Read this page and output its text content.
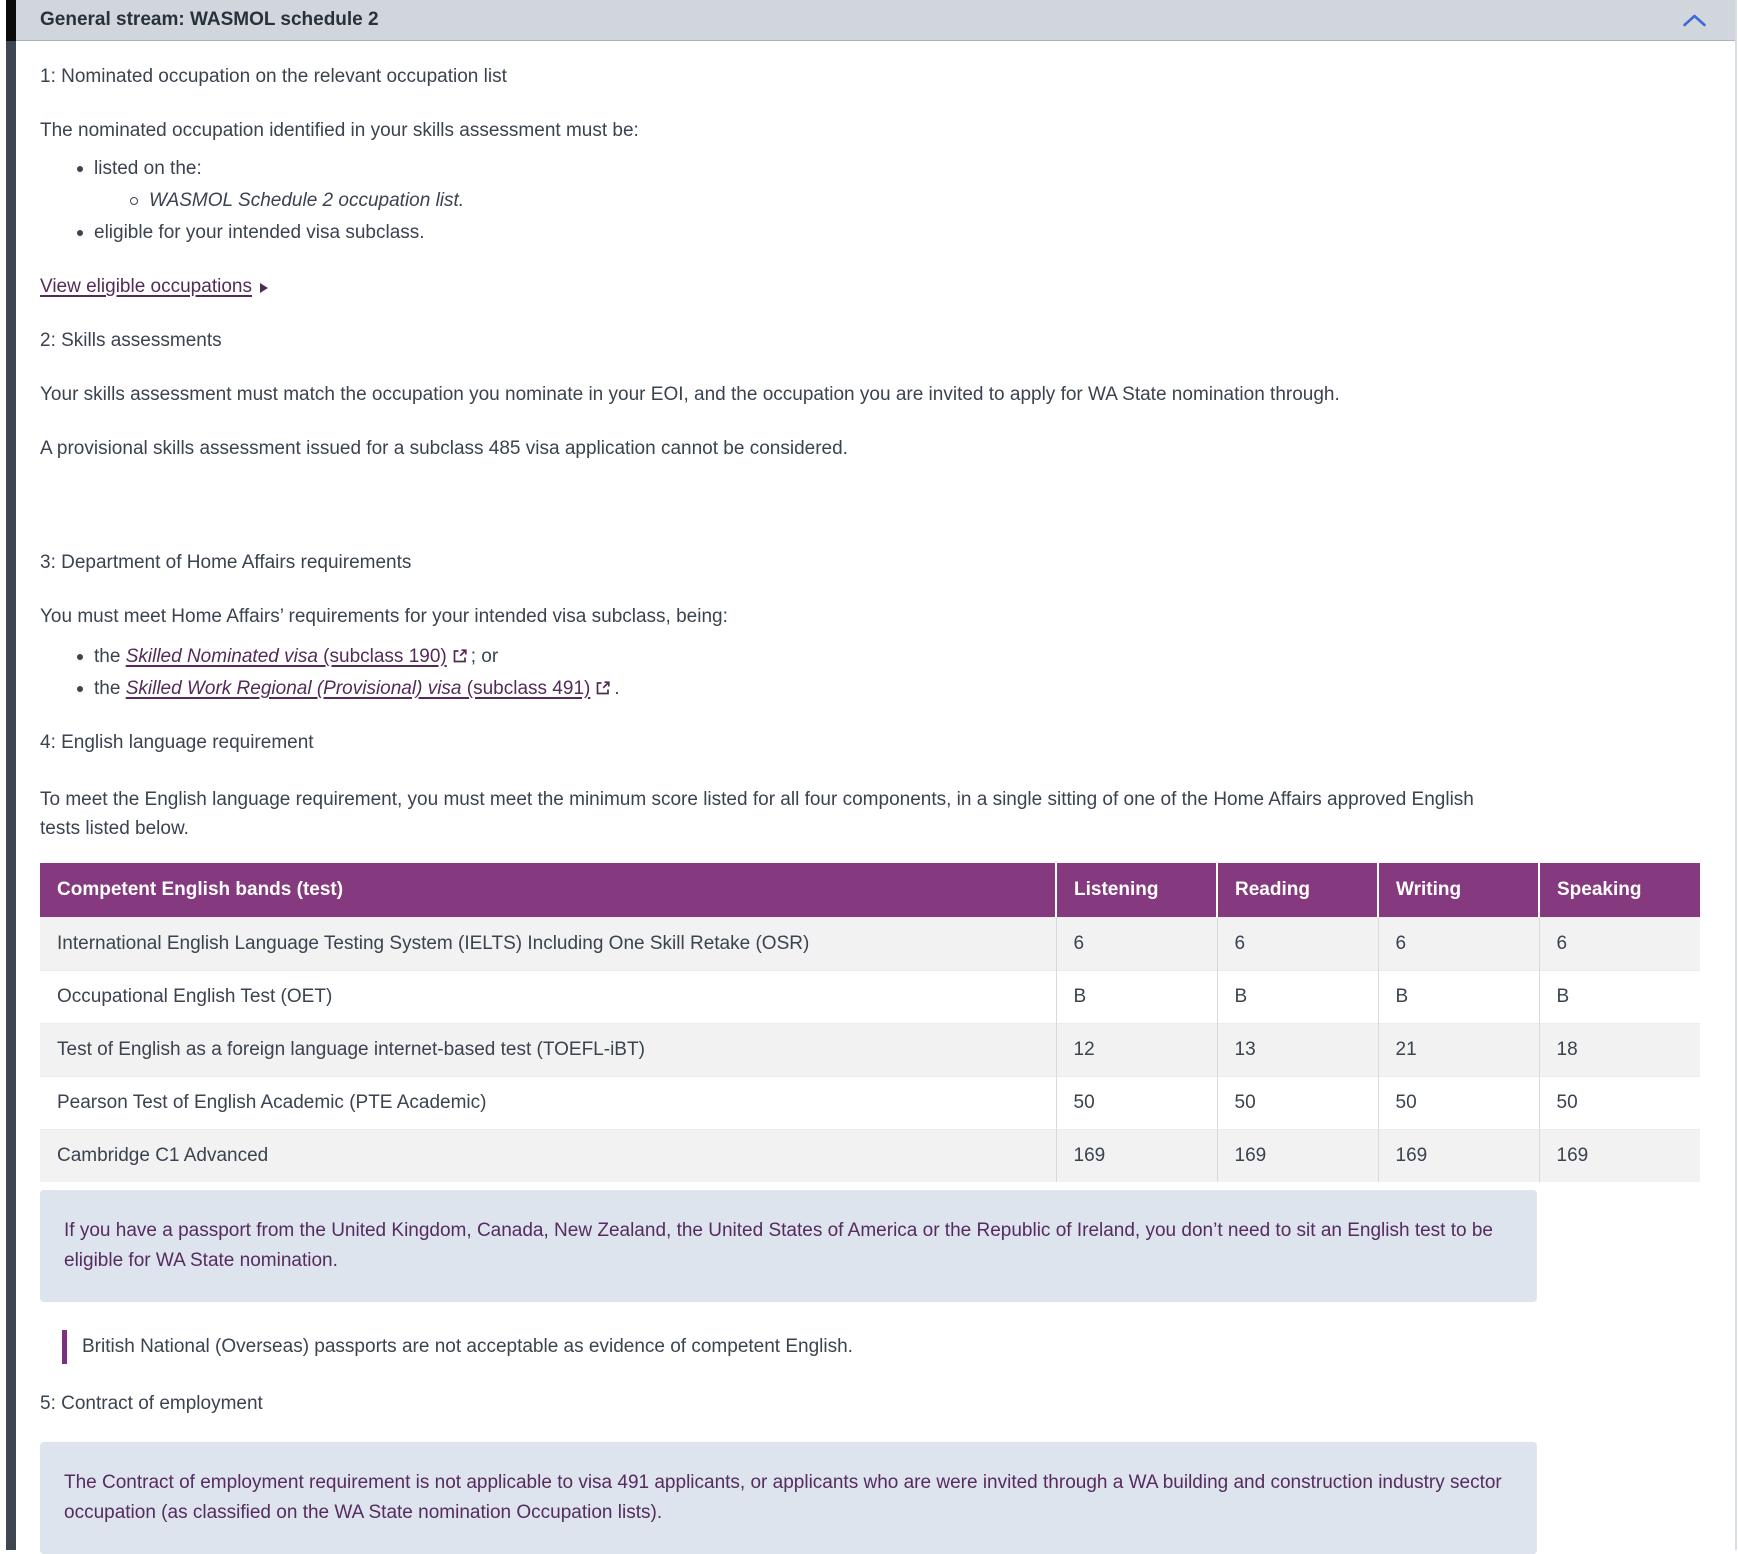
General stream: WASMOL schedule 2
1: Nominated occupation on the relevant occupation list

The nominated occupation identified in your skills assessment must be:

listed on the:
WASMOL Schedule 2 occupation list.
eligible for your intended visa subclass.
View eligible occupations
2: Skills assessments

Your skills assessment must match the occupation you nominate in your EOI, and the occupation you are invited to apply for WA State nomination through.

A provisional skills assessment issued for a subclass 485 visa application cannot be considered.

3: Department of Home Affairs requirements

You must meet Home Affairs’ requirements for your intended visa subclass, being:

the Skilled Nominated visa (subclass 190) ; or
the Skilled Work Regional (Provisional) visa (subclass 491) .
4: English language requirement

To meet the English language requirement, you must meet the minimum score listed for all four components, in a single sitting of one of the Home Affairs approved English tests listed below.

Competent English bands (test)	Listening	Reading	Writing	Speaking
International English Language Testing System (IELTS) Including One Skill Retake (OSR)	6	6	6	6
Occupational English Test (OET)	B	B	B	B
Test of English as a foreign language internet-based test (TOEFL-iBT)	12	13	21	18
Pearson Test of English Academic (PTE Academic)	50	50	50	50
Cambridge C1 Advanced	169	169	169	169
If you have a passport from the United Kingdom, Canada, New Zealand, the United States of America or the Republic of Ireland, you don’t need to sit an English test to be eligible for WA State nomination.
British National (Overseas) passports are not acceptable as evidence of competent English.
5: Contract of employment
The Contract of employment requirement is not applicable to visa 491 applicants, or applicants who are were invited through a WA building and construction industry sector occupation (as classified on the WA State nomination Occupation lists).
